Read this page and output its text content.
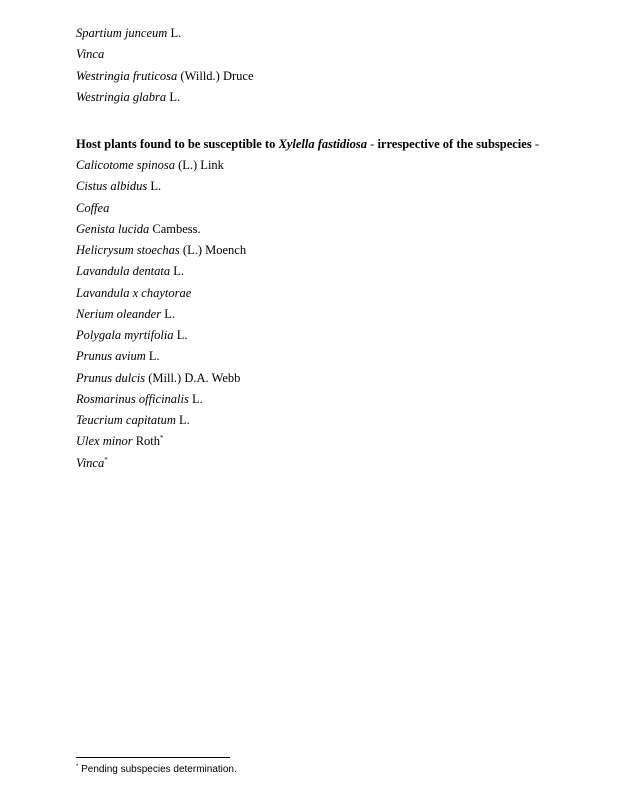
Spartium junceum L.
Vinca
Westringia fruticosa (Willd.) Druce
Westringia glabra L.
Host plants found to be susceptible to Xylella fastidiosa - irrespective of the subspecies -
Calicotome spinosa (L.) Link
Cistus albidus L.
Coffea
Genista lucida Cambess.
Helicrysum stoechas (L.) Moench
Lavandula dentata L.
Lavandula x chaytorae
Nerium oleander L.
Polygala myrtifolia L.
Prunus avium L.
Prunus dulcis (Mill.) D.A. Webb
Rosmarinus officinalis L.
Teucrium capitatum L.
Ulex minor Roth*
Vinca*
* Pending subspecies determination.
